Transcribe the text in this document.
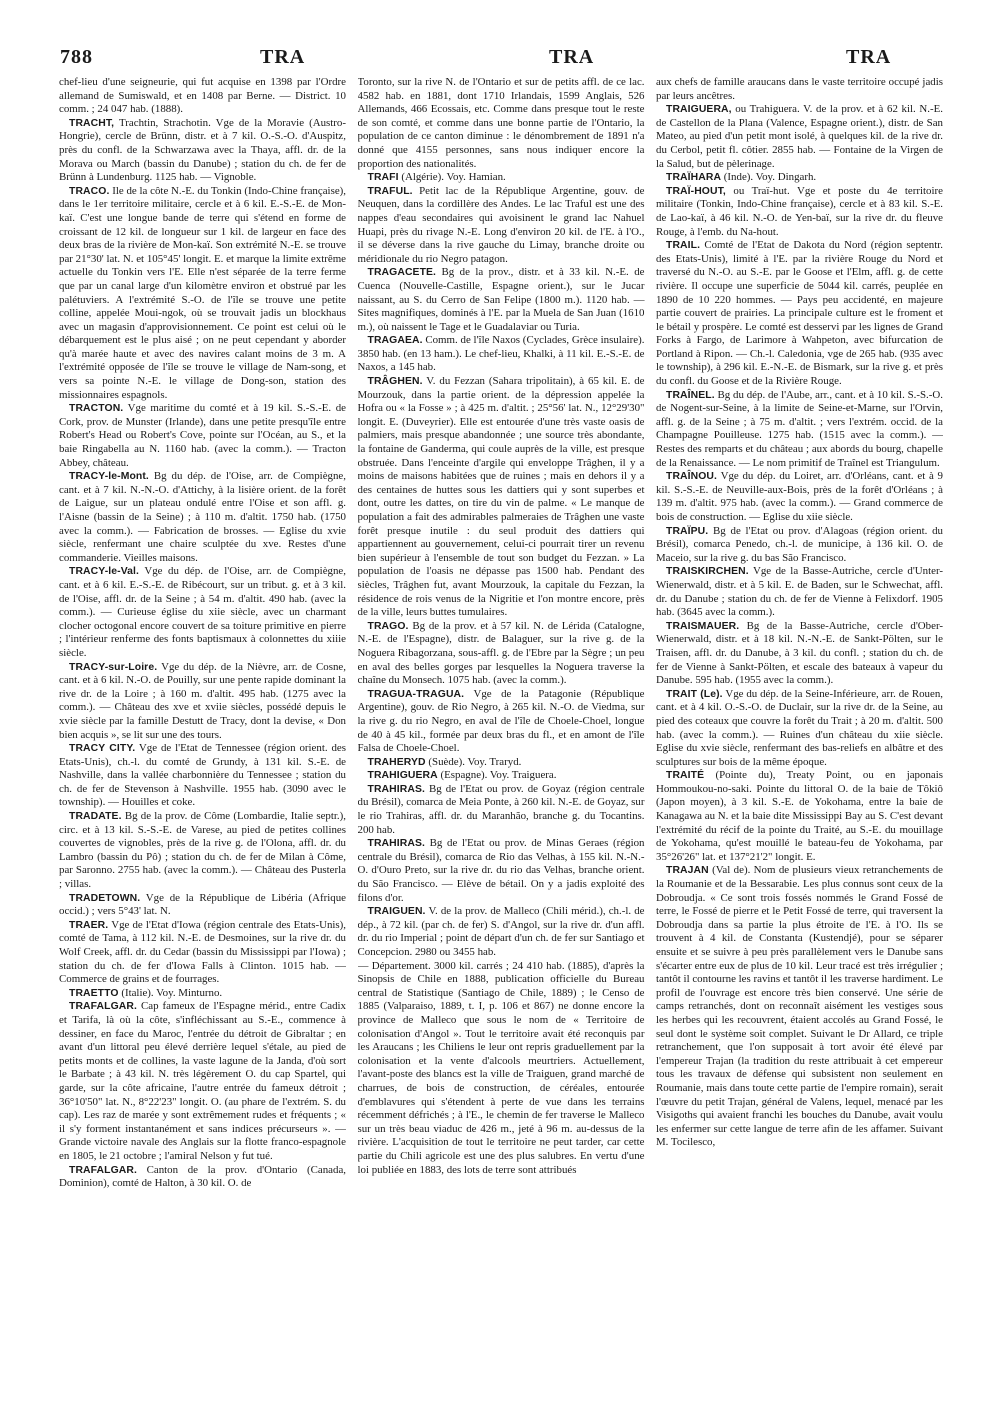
788	TRA	TRA	TRA

chef-lieu d'une seigneurie, qui fut acquise en 1398 par l'Ordre allemand de Sumiswald, et en 1408 par Berne. — District. 10 comm. ; 24 047 hab. (1888).

TRACHT, Trachtin, Strachotin. Vge de la Moravie (Austro-Hongrie), cercle de Brünn, distr. et à 7 kil. O.-S.-O. d'Auspitz, près du confl. de la Schwarzawa avec la Thaya, affl. dr. de la Morava ou March (bassin du Danube) ; station du ch. de fer de Brünn à Lundenburg. 1125 hab. — Vignoble.

TRACO. Ile de la côte N.-E. du Tonkin (Indo-Chine française), dans le 1er territoire militaire, cercle et à 6 kil. E.-S.-E. de Mon-kaï. C'est une longue bande de terre qui s'étend en forme de croissant de 12 kil. de longueur sur 1 kil. de largeur en face des deux bras de la rivière de Mon-kaï. Son extrémité N.-E. se trouve par 21°30' lat. N. et 105°45' longit. E. et marque la limite extrême actuelle du Tonkin vers l'E. Elle n'est séparée de la terre ferme que par un canal large d'un kilomètre environ et obstrué par les palétuviers. A l'extrémité S.-O. de l'île se trouve une petite colline, appelée Moui-ngok, où se trouvait jadis un blockhaus avec un magasin d'approvisionnement. Ce point est celui où le débarquement est le plus aisé ; on ne peut cependant y aborder qu'à marée haute et avec des navires calant moins de 3 m. A l'extrémité opposée de l'île se trouve le village de Nam-song, et vers sa pointe N.-E. le village de Dong-son, station des missionnaires espagnols.

TRACTON. Vge maritime du comté et à 19 kil. S.-S.-E. de Cork, prov. de Munster (Irlande), dans une petite presqu'île entre Robert's Head ou Robert's Cove, pointe sur l'Océan, au S., et la baie Ringabella au N. 1160 hab. (avec la comm.). — Tracton Abbey, château.

TRACY-le-Mont. Bg du dép. de l'Oise, arr. de Compiègne, cant. et à 7 kil. N.-N.-O. d'Attichy, à la lisière orient. de la forêt de Laigue, sur un plateau ondulé entre l'Oise et son affl. g. l'Aisne (bassin de la Seine) ; à 110 m. d'altit. 1750 hab. (1750 avec la comm.). — Fabrication de brosses. — Eglise du xvie siècle, renfermant une chaire sculptée du xve. Restes d'une commanderie. Vieilles maisons.

TRACY-le-Val. Vge du dép. de l'Oise, arr. de Compiègne, cant. et à 6 kil. E.-S.-E. de Ribécourt, sur un tribut. g. et à 3 kil. de l'Oise, affl. dr. de la Seine ; à 54 m. d'altit. 490 hab. (avec la comm.). — Curieuse église du xiie siècle, avec un charmant clocher octogonal encore couvert de sa toiture primitive en pierre ; l'intérieur renferme des fonts baptismaux à colonnettes du xiiie siècle.

TRACY-sur-Loire. Vge du dép. de la Nièvre, arr. de Cosne, cant. et à 6 kil. N.-O. de Pouilly, sur une pente rapide dominant la rive dr. de la Loire ; à 160 m. d'altit. 495 hab. (1275 avec la comm.). — Château des xve et xviie siècles, possédé depuis le xvie siècle par la famille Destutt de Tracy, dont la devise, « Don bien acquis », se lit sur une des tours.

TRACY CITY. Vge de l'Etat de Tennessee (région orient. des Etats-Unis), ch.-l. du comté de Grundy, à 131 kil. S.-E. de Nashville, dans la vallée charbonnière du Tennessee ; station du ch. de fer de Stevenson à Nashville. 1955 hab. (3090 avec le township). — Houilles et coke.

TRADATE. Bg de la prov. de Côme (Lombardie, Italie septr.), circ. et à 13 kil. S.-S.-E. de Varese, au pied de petites collines couvertes de vignobles, près de la rive g. de l'Olona, affl. dr. du Lambro (bassin du Pô) ; station du ch. de fer de Milan à Côme, par Saronno. 2755 hab. (avec la comm.). — Château des Pusterla ; villas.

TRADETOWN. Vge de la République de Libéria (Afrique occid.) ; vers 5°43' lat. N.

TRAER. Vge de l'Etat d'Iowa (région centrale des Etats-Unis), comté de Tama, à 112 kil. N.-E. de Desmoines, sur la rive dr. du Wolf Creek, affl. dr. du Cedar (bassin du Mississippi par l'Iowa) ; station du ch. de fer d'Iowa Falls à Clinton. 1015 hab. — Commerce de grains et de fourrages.

TRAETTO (Italie). Voy. Minturno.

TRAFALGAR. Cap fameux de l'Espagne mérid., entre Cadix et Tarifa, là où la côte, s'infléchissant au S.-E., commence à dessiner, en face du Maroc, l'entrée du détroit de Gibraltar ; en avant d'un littoral peu élevé derrière lequel s'étale, au pied de petits monts et de collines, la vaste lagune de la Janda, d'où sort le Barbate ; à 43 kil. N. très légèrement O. du cap Spartel, qui garde, sur la côte africaine, l'autre entrée du fameux détroit ; 36°10'50" lat. N., 8°22'23" longit. O. (au phare de l'extrém. S. du cap). Les raz de marée y sont extrêmement rudes et fréquents ; « il s'y forment instantanément et sans indices précurseurs ». — Grande victoire navale des Anglais sur la flotte franco-espagnole en 1805, le 21 octobre ; l'amiral Nelson y fut tué.

TRAFALGAR. Canton de la prov. d'Ontario (Canada, Dominion), comté de Halton, à 30 kil. O. de

Toronto, sur la rive N. de l'Ontario et sur de petits affl. de ce lac. 4582 hab. en 1881, dont 1710 Irlandais, 1599 Anglais, 526 Allemands, 466 Ecossais, etc. Comme dans presque tout le reste de son comté, et comme dans une bonne partie de l'Ontario, la population de ce canton diminue : le dénombrement de 1891 n'a donné que 4155 personnes, sans nous indiquer encore la proportion des nationalités.

TRAFI (Algérie). Voy. Hamian.

TRAFUL. Petit lac de la République Argentine, gouv. de Neuquen, dans la cordillère des Andes. Le lac Traful est une des nappes d'eau secondaires qui avoisinent le grand lac Nahuel Huapi, près du rivage N.-E. Long d'environ 20 kil. de l'E. à l'O., il se déverse dans la rive gauche du Limay, branche droite ou méridionale du rio Negro patagon.

TRAGACETE. Bg de la prov., distr. et à 33 kil. N.-E. de Cuenca (Nouvelle-Castille, Espagne orient.), sur le Jucar naissant, au S. du Cerro de San Felipe (1800 m.). 1120 hab. — Sites magnifiques, dominés à l'E. par la Muela de San Juan (1610 m.), où naissent le Tage et le Guadalaviar ou Turia.

TRAGAEA. Comm. de l'île Naxos (Cyclades, Grèce insulaire). 3850 hab. (en 13 ham.). Le chef-lieu, Khalki, à 11 kil. E.-S.-E. de Naxos, a 145 hab.

TRÂGHEN. V. du Fezzan (Sahara tripolitain), à 65 kil. E. de Mourzouk, dans la partie orient. de la dépression appelée la Hofra ou « la Fosse » ; à 425 m. d'altit. ; 25°56' lat. N., 12°29'30" longit. E. (Duveyrier). Elle est entourée d'une très vaste oasis de palmiers, mais presque abandonnée ; une source très abondante, la fontaine de Ganderma, qui coule auprès de la ville, est presque obstruée. Dans l'enceinte d'argile qui enveloppe Trâghen, il y a moins de maisons habitées que de ruines ; mais en dehors il y a des centaines de huttes sous les dattiers qui y sont superbes et dont, outre les dattes, on tire du vin de palme. « Le manque de population a fait des admirables palmeraies de Trâghen une vaste forêt presque inutile : du seul produit des dattiers qui appartiennent au gouvernement, celui-ci pourrait tirer un revenu bien supérieur à l'ensemble de tout son budget du Fezzan. » La population de l'oasis ne dépasse pas 1500 hab. Pendant des siècles, Trâghen fut, avant Mourzouk, la capitale du Fezzan, la résidence de rois venus de la Nigritie et l'on montre encore, près de la ville, leurs buttes tumulaires.

TRAGO. Bg de la prov. et à 57 kil. N. de Lérida (Catalogne, N.-E. de l'Espagne), distr. de Balaguer, sur la rive g. de la Noguera Ribagorzana, sous-affl. g. de l'Ebre par la Sègre ; un peu en aval des belles gorges par lesquelles la Noguera traverse la chaîne du Monsech. 1075 hab. (avec la comm.).

TRAGUA-TRAGUA. Vge de la Patagonie (République Argentine), gouv. de Rio Negro, à 265 kil. N.-O. de Viedma, sur la rive g. du rio Negro, en aval de l'île de Choele-Choel, longue de 40 à 45 kil., formée par deux bras du fl., et en amont de l'île Falsa de Choele-Choel.

TRAHERYD (Suède). Voy. Traryd.

TRAHIGUERA (Espagne). Voy. Traiguera.

TRAHIRAS. Bg de l'Etat ou prov. de Goyaz (région centrale du Brésil), comarca de Meia Ponte, à 260 kil. N.-E. de Goyaz, sur le rio Trahiras, affl. dr. du Maranhão, branche g. du Tocantins. 200 hab.

TRAHIRAS. Bg de l'Etat ou prov. de Minas Geraes (région centrale du Brésil), comarca de Rio das Velhas, à 155 kil. N.-N.-O. d'Ouro Preto, sur la rive dr. du rio das Velhas, branche orient. du São Francisco. — Elève de bétail. On y a jadis exploité des filons d'or.

TRAIGUEN. V. de la prov. de Malleco (Chili mérid.), ch.-l. de dép., à 72 kil. (par ch. de fer) S. d'Angol, sur la rive dr. d'un affl. dr. du rio Imperial ; point de départ d'un ch. de fer sur Santiago et Concepcion. 2980 ou 3455 hab.

— Département. 3000 kil. carrés ; 24 410 hab. (1885), d'après la Sinopsis de Chile en 1888, publication officielle du Bureau central de Statistique (Santiago de Chile, 1889) ; le Censo de 1885 (Valparaiso, 1889, t. I, p. 106 et 867) ne donne encore la province de Malleco que sous le nom de « Territoire de colonisation d'Angol ». Tout le territoire avait été reconquis par les Araucans ; les Chiliens le leur ont repris graduellement par la colonisation et la vente d'alcools meurtriers. Actuellement, l'avant-poste des blancs est la ville de Traiguen, grand marché de charrues, de bois de construction, de céréales, entourée d'emblavures qui s'étendent à perte de vue dans les terrains récemment défrichés ; à l'E., le chemin de fer traverse le Malleco sur un très beau viaduc de 426 m., jeté à 96 m. au-dessus de la rivière. L'acquisition de tout le territoire ne peut tarder, car cette partie du Chili agricole est une des plus salubres. En vertu d'une loi publiée en 1883, des lots de terre sont attribués

aux chefs de famille araucans dans le vaste territoire occupé jadis par leurs ancêtres.

TRAIGUERA, ou Trahiguera. V. de la prov. et à 62 kil. N.-E. de Castellon de la Plana (Valence, Espagne orient.), distr. de San Mateo, au pied d'un petit mont isolé, à quelques kil. de la rive dr. du Cerbol, petit fl. côtier. 2855 hab. — Fontaine de la Virgen de la Salud, but de pèlerinage.

TRAÏHARA (Inde). Voy. Dingarh.

TRAÏ-HOUT, ou Traï-hut. Vge et poste du 4e territoire militaire (Tonkin, Indo-Chine française), cercle et à 83 kil. S.-E. de Lao-kaï, à 46 kil. N.-O. de Yen-baï, sur la rive dr. du fleuve Rouge, à l'emb. du Na-hout.

TRAIL. Comté de l'Etat de Dakota du Nord (région septentr. des Etats-Unis), limité à l'E. par la rivière Rouge du Nord et traversé du N.-O. au S.-E. par le Goose et l'Elm, affl. g. de cette rivière. Il occupe une superficie de 5044 kil. carrés, peuplée en 1890 de 10 220 hommes. — Pays peu accidenté, en majeure partie couvert de prairies. La principale culture est le froment et le bétail y prospère. Le comté est desservi par les lignes de Grand Forks à Fargo, de Larimore à Wahpeton, avec bifurcation de Portland à Ripon. — Ch.-l. Caledonia, vge de 265 hab. (935 avec le township), à 296 kil. E.-N.-E. de Bismark, sur la rive g. et près du confl. du Goose et de la Rivière Rouge.

TRAÎNEL. Bg du dép. de l'Aube, arr., cant. et à 10 kil. S.-S.-O. de Nogent-sur-Seine, à la limite de Seine-et-Marne, sur l'Orvin, affl. g. de la Seine ; à 75 m. d'altit. ; vers l'extrém. occid. de la Champagne Pouilleuse. 1275 hab. (1515 avec la comm.). — Restes des remparts et du château ; aux abords du bourg, chapelle de la Renaissance. — Le nom primitif de Traînel est Triangulum.

TRAÎNOU. Vge du dép. du Loiret, arr. d'Orléans, cant. et à 9 kil. S.-S.-E. de Neuville-aux-Bois, près de la forêt d'Orléans ; à 139 m. d'altit. 975 hab. (avec la comm.). — Grand commerce de bois de construction. — Eglise du xiie siècle.

TRAÏPU. Bg de l'Etat ou prov. d'Alagoas (région orient. du Brésil), comarca Penedo, ch.-l. de municipe, à 136 kil. O. de Maceio, sur la rive g. du bas São Francisco.

TRAISKIRCHEN. Vge de la Basse-Autriche, cercle d'Unter-Wienerwald, distr. et à 5 kil. E. de Baden, sur le Schwechat, affl. dr. du Danube ; station du ch. de fer de Vienne à Felixdorf. 1905 hab. (3645 avec la comm.).

TRAISMAUER. Bg de la Basse-Autriche, cercle d'Ober-Wienerwald, distr. et à 18 kil. N.-N.-E. de Sankt-Pölten, sur le Traisen, affl. dr. du Danube, à 3 kil. du confl. ; station du ch. de fer de Vienne à Sankt-Pölten, et escale des bateaux à vapeur du Danube. 595 hab. (1955 avec la comm.).

TRAIT (Le). Vge du dép. de la Seine-Inférieure, arr. de Rouen, cant. et à 4 kil. O.-S.-O. de Duclair, sur la rive dr. de la Seine, au pied des coteaux que couvre la forêt du Trait ; à 20 m. d'altit. 500 hab. (avec la comm.). — Ruines d'un château du xiie siècle. Eglise du xvie siècle, renfermant des bas-reliefs en albâtre et des sculptures sur bois de la même époque.

TRAITÉ (Pointe du), Treaty Point, ou en japonais Hommoukou-no-saki. Pointe du littoral O. de la baie de Tôkiô (Japon moyen), à 3 kil. S.-E. de Yokohama, entre la baie de Kanagawa au N. et la baie dite Mississippi Bay au S. C'est devant l'extrémité du récif de la pointe du Traité, au S.-E. du mouillage de Yokohama, qu'est mouillé le bateau-feu de Yokohama, par 35°26'26" lat. et 137°21'2" longit. E.

TRAJAN (Val de). Nom de plusieurs vieux retranchements de la Roumanie et de la Bessarabie. Les plus connus sont ceux de la Dobroudja. « Ce sont trois fossés nommés le Grand Fossé de terre, le Fossé de pierre et le Petit Fossé de terre, qui traversent la Dobroudja dans sa partie la plus étroite de l'E. à l'O. Ils se trouvent à 4 kil. de Constanta (Kustendjé), pour se séparer ensuite et se suivre à peu près parallèlement vers le Danube sans s'écarter entre eux de plus de 10 kil. Leur tracé est très irrégulier ; tantôt il contourne les ravins et tantôt il les traverse hardiment. Le profil de l'ouvrage est encore très bien conservé. Une série de camps retranchés, dont on reconnaît aisément les vestiges sous les herbes qui les recouvrent, étaient accolés au Grand Fossé, le seul dont le système soit complet. Suivant le Dr Allard, ce triple retranchement, que l'on supposait à tort avoir été élevé par l'empereur Trajan (la tradition du reste attribuait à cet empereur tous les travaux de défense qui subsistent non seulement en Roumanie, mais dans toute cette partie de l'empire romain), serait l'œuvre du petit Trajan, général de Valens, lequel, menacé par les Visigoths qui avaient franchi les bouches du Danube, avait voulu les enfermer sur cette langue de terre afin de les affamer. Suivant M. Tocilesco,
